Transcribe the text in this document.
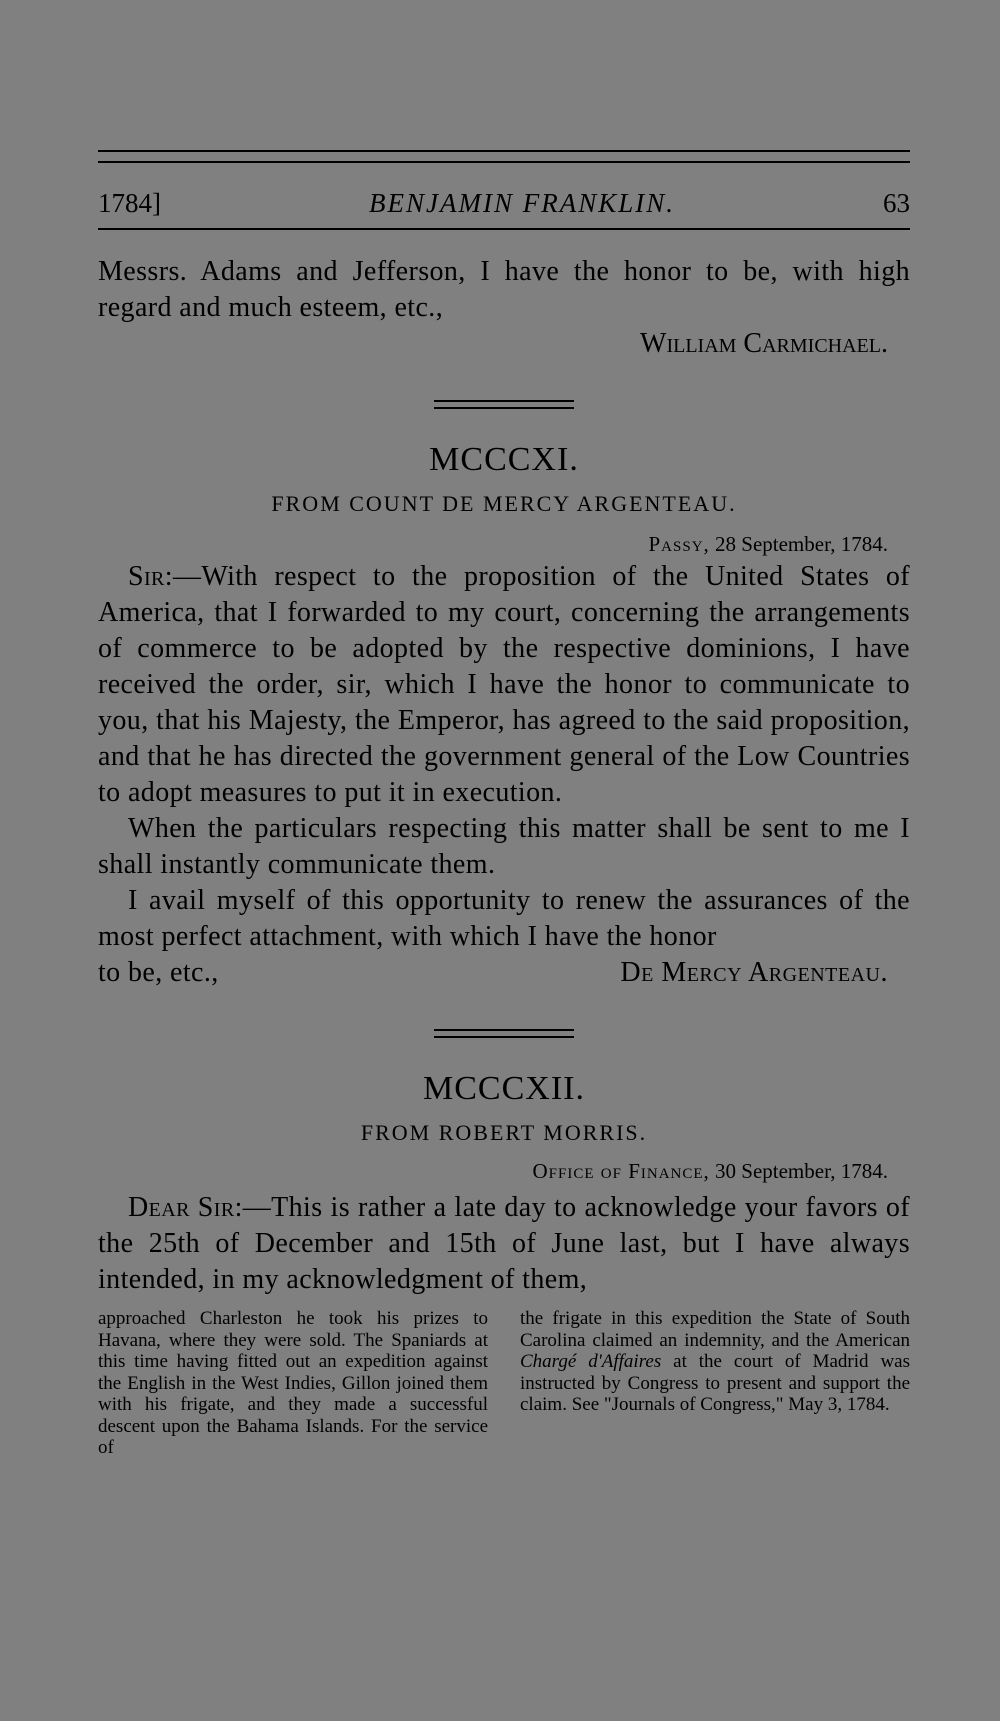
1784]	BENJAMIN FRANKLIN.	63
Messrs. Adams and Jefferson, I have the honor to be, with high regard and much esteem, etc.,
William Carmichael.
MCCCXI.
FROM COUNT DE MERCY ARGENTEAU.
Passy, 28 September, 1784.
Sir:—With respect to the proposition of the United States of America, that I forwarded to my court, concerning the arrangements of commerce to be adopted by the respective dominions, I have received the order, sir, which I have the honor to communicate to you, that his Majesty, the Emperor, has agreed to the said proposition, and that he has directed the government general of the Low Countries to adopt measures to put it in execution.
When the particulars respecting this matter shall be sent to me I shall instantly communicate them.
I avail myself of this opportunity to renew the assurances of the most perfect attachment, with which I have the honor
to be, etc.,	De Mercy Argenteau.
MCCCXII.
FROM ROBERT MORRIS.
Office of Finance, 30 September, 1784.
Dear Sir:—This is rather a late day to acknowledge your favors of the 25th of December and 15th of June last, but I have always intended, in my acknowledgment of them,
approached Charleston he took his prizes to Havana, where they were sold. The Spaniards at this time having fitted out an expedition against the English in the West Indies, Gillon joined them with his frigate, and they made a successful descent upon the Bahama Islands. For the service of
the frigate in this expedition the State of South Carolina claimed an indemnity, and the American Chargé d'Affaires at the court of Madrid was instructed by Congress to present and support the claim. See "Journals of Congress," May 3, 1784.
